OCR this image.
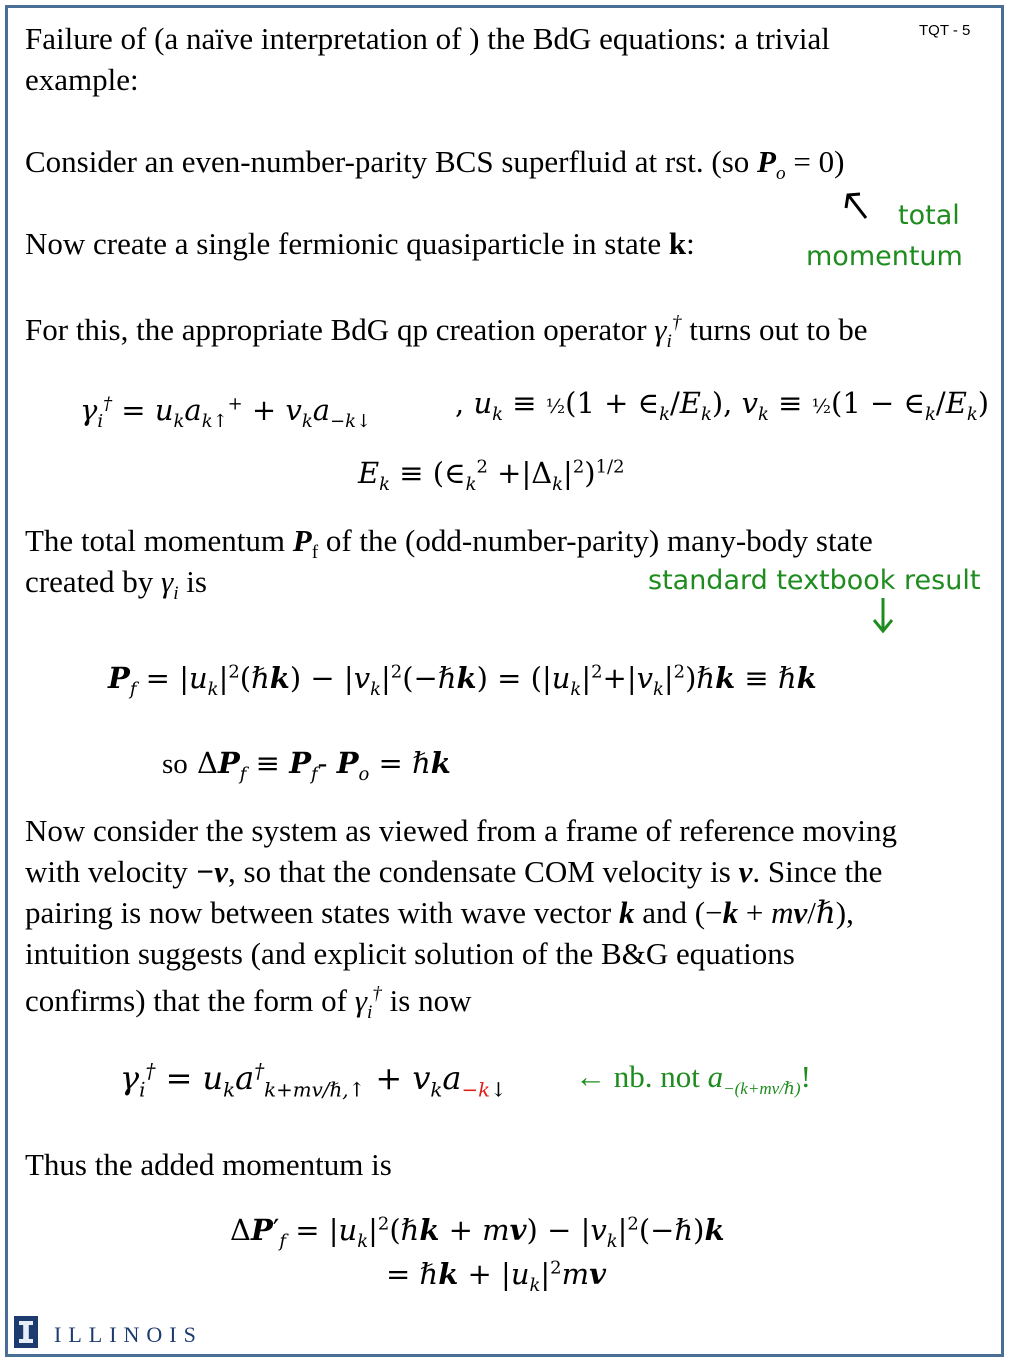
TQT - 5
Failure of (a naïve interpretation of ) the BdG equations: a trivial
example:
Consider an even-number-parity BCS superfluid at rst. (so $P_o = 0$)
total
momentum
Now create a single fermionic quasiparticle in state k:
For this, the appropriate BdG qp creation operator $\gamma_i^\dagger$ turns out to be
$\gamma_i^\dagger = u_ka_{k↑}^+ + v_ka_{-k↓}$
, $u_k$ ≡ ½(1 + $\in_k/E_k$), $v_k$ ≡ ½(1 − $\in_k/E_k$)
$E_k$ ≡ $(\in_k^2 +|\Delta_k|^2)^{1/2}$
The total momentum $P_f$ of the (odd-number-parity) many-body state
created by $\gamma_i$ is	standard textbook result
$P_f$ = $|u_k|^2(\hbar k)$ − $|v_k|^2(-\hbar k)$ = $(|u_k|^2+|v_k|^2)\hbar k$ ≡ ℏk
so $\Delta P_f \equiv P_f-$ $P_o$ = ℏk
Now consider the system as viewed from a frame of reference moving
with velocity −v, so that the condensate COM velocity is v. Since the
pairing is now between states with wave vector k and (−k + mv/ℏ),
intuition suggests (and explicit solution of the B&G equations
confirms) that the form of $\gamma_i^\dagger$ is now
$\gamma_i^\dagger = u_ka^\dagger_{k+mv/\hbar,↑} + v_ka_{-k↓}$ ← nb. not $a_{-(k+mv/\hbar)}$!
Thus the added momentum is
$\Delta P'_f$ = $|u_k|^2(\hbar k + mv)$ − $|v_k|^2(-\hbar)k$
= ℏk + $|u_k|^2mv$
ILLINOIS
